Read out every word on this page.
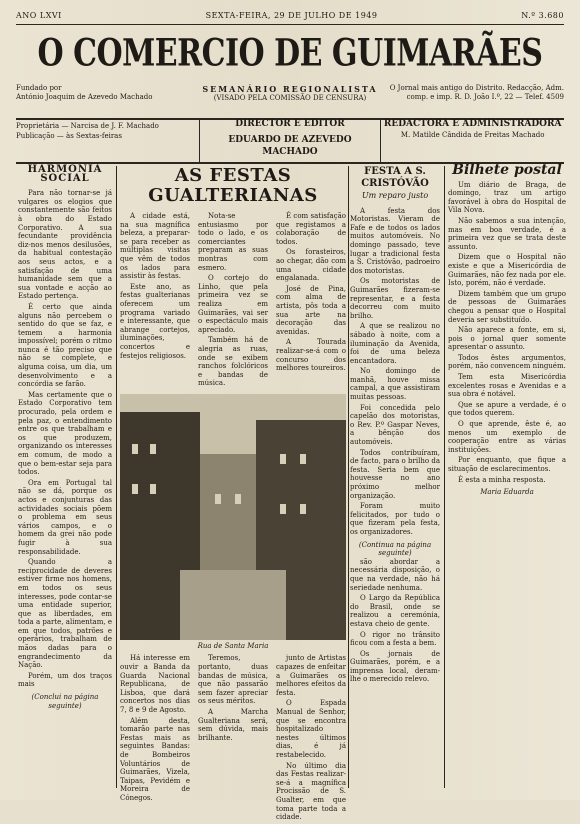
ANO LXVI	SEXTA-FEIRA, 29 DE JULHO DE 1949	N.º 3.680
O COMERCIO DE GUIMARÃES
Fundado por
António Joaquim de Azevedo Machado
SEMANÁRIO REGIONALISTA
(VISADO PELA COMISSÃO DE CENSURA)
O Jornal mais antigo do Distrito. Redacção, Adm.
comp. e imp. R. D. João I.º, 22 — Telef. 4509
Proprietária — Narcisa de J. F. Machado
Publicação — às Sextas-feiras
DIRECTOR E EDITOR
EDUARDO DE AZEVEDO MACHADO
REDACTORA E ADMINISTRADORA
M. Matilde Cândida de Freitas Machado
HARMONIA SOCIAL

Para não tornar-se já vulgares os elogios que constantemente são feitos à obra do Estado Corporativo. A sua fecundante providência diz-nos menos desilusões, da habitual contestação aos seus actos, e a satisfação de uma humanidade sem que a sua vontade e acção ao Estado pertença.

É certo que ainda alguns não percebem o sentido do que se faz, e temem a harmonia impossível; porém o ritmo nunca é tão preciso que não se complete, e alguma coisa, um dia, um desenvolvimento e a concórdia se farão.

Mas certamente que o Estado Corporativo tem procurado, pela ordem e pela paz, o entendimento entre os que trabalham e os que produzem, organizando os interesses em comum, de modo a que o bem-estar seja para todos.

Ora em Portugal tal não se dá, porque os actos e conjunturas das actividades sociais põem o problema em seus vários campos, e o homem da grei não pode fugir à sua responsabilidade.

Quando a reciprocidade de deveres estiver firme nos homens, em todos os seus interesses, pode contar-se uma entidade superior, que as liberdades, em toda a parte, alimentam, e em que todos, patrões e operários, trabalham de mãos dadas para o engrandecimento da Nação.

Porém, um dos traços mais

(Conclui na página seguinte)
AS FESTAS GUALTERIANAS

A cidade está, na sua magnífica beleza, a preparar-se para receber as múltiplas visitas que vêm de todos os lados para assistir às festas.

Este ano, as festas gualterianas oferecem um programa variado e interessante, que abrange cortejos, iluminações, concertos e festejos religiosos.

Nota-se entusiasmo por todo o lado, e os comerciantes preparam as suas montras com esmero.

O cortejo do Linho, que pela primeira vez se realiza em Guimarães, vai ser o espectáculo mais apreciado.

Também há de alegria as ruas, onde se exibem ranchos folclóricos e bandas de música.

É com satisfação que registamos a colaboração de todos.

Os forasteiros, ao chegar, dão com uma cidade engalanada.

José de Pina, com alma de artista, pôs toda a sua arte na decoração das avenidas.

A Tourada realizar-se-á com o concurso dos melhores toureiros.

Rua de Santa Maria

Há interesse em ouvir a Banda da Guarda Nacional Republicana, de Lisboa, que dará concertos nos dias 7, 8 e 9 de Agosto.

Além desta, tomarão parte nas Festas mais as seguintes Bandas: de Bombeiros Voluntários de Guimarães, Vizela, Taipas, Pevidém e Moreira de Cónegos.

Teremos, portanto, duas bandas de música, que não passarão sem fazer apreciar os seus méritos.

A Marcha Gualteriana será, sem dúvida, mais brilhante.

junto de Artistas capazes de enfeitar a Guimarães os melhores efeitos da festa.

O Espada Manual de Senhor, que se encontra hospitalizado nestes últimos dias, é já restabelecido.

No último dia das Festas realizar-se-á a magnífica Procissão de S. Gualter, em que toma parte toda a cidade.

FESTA A S. CRISTÓVÃO
Um reparo justo

A festa dos Motoristas. Vieram de Fafe e de todos os lados muitos automóveis. No domingo passado, teve lugar a tradicional festa a S. Cristóvão, padroeiro dos motoristas.

Os motoristas de Guimarães fizeram-se representar, e a festa decorreu com muito brilho.

A que se realizou no sábado à noite, com a iluminação da Avenida, foi de uma beleza encantadora.

No domingo de manhã, houve missa campal, a que assistiram muitas pessoas.

Foi concedida pelo capelão dos motoristas, o Rev. P.º Gaspar Neves, a bênção dos automóveis.

Todos contribuíram, de facto, para o brilho da festa. Seria bem que houvesse no ano próximo melhor organização.

Foram muito felicitados, por tudo o que fizeram pela festa, os organizadores.

(Continua na página seguinte)

são abordar a necessária disposição, o que na verdade, não há seriedade nenhuma.

O Largo da República do Brasil, onde se realizou a ceremónia, estava cheio de gente.

O rigor no trânsito ficou com a festa a bem.

Os jornais de Guimarães, porém, e a imprensa local, deram-lhe o merecido relevo.

Bilhete postal

Um diário de Braga, de domingo, traz um artigo favorável à obra do Hospital de Vila Nova.

Não sabemos a sua intenção, mas em boa verdade, é a primeira vez que se trata deste assunto.

Dizem que o Hospital não existe e que a Misericórdia de Guimarães, não fez nada por ele. Isto, porém, não é verdade.

Dizem também que um grupo de pessoas de Guimarães chegou a pensar que o Hospital deveria ser substituído.

Não aparece a fonte, em si, pois o jornal quer somente apresentar o assunto.

Todos êstes argumentos, porém, não convencem ninguém.

Tem esta Misericórdia excelentes rosas e Avenidas e a sua obra é notável.

Que se apure a verdade, é o que todos querem.

O que aprende, êste é, ao menos um exemplo de cooperação entre as várias instituições.

Por enquanto, que fique a situação de esclarecimentos.

É esta a minha resposta.

Maria Eduarda
